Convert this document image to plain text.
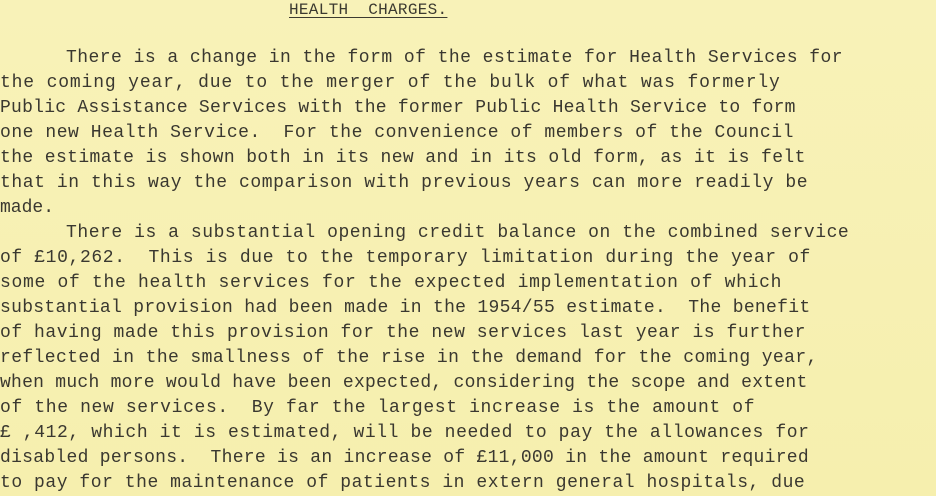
HEALTH  CHARGES.
There is a change in the form of the estimate for Health Services for
the coming year, due to the merger of the bulk of what was formerly
Public Assistance Services with the former Public Health Service to form
one new Health Service.  For the convenience of members of the Council
the estimate is shown both in its new and in its old form, as it is felt
that in this way the comparison with previous years can more readily be
made.
There is a substantial opening credit balance on the combined service
of £10,262.  This is due to the temporary limitation during the year of
some of the health services for the expected implementation of which
substantial provision had been made in the 1954/55 estimate.  The benefit
of having made this provision for the new services last year is further
reflected in the smallness of the rise in the demand for the coming year,
when much more would have been expected, considering the scope and extent
of the new services.  By far the largest increase is the amount of
£ ,412, which it is estimated, will be needed to pay the allowances for
disabled persons.  There is an increase of £11,000 in the amount required
to pay for the maintenance of patients in extern general hospitals, due
